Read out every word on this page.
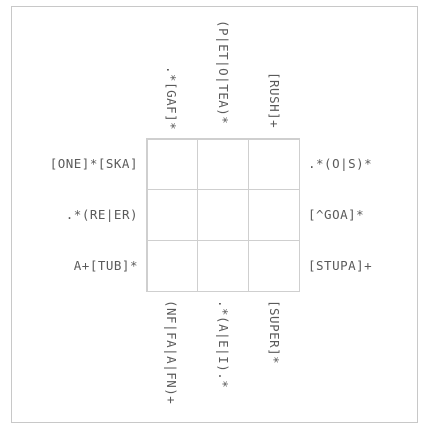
.*[GAF]*	(P|ET|O|TEA)*	[RUSH]+
[ONE]*[SKA]
.*(RE|ER)
A+[TUB]*
.*(O|S)*
[^GOA]*
[STUPA]+
(NF|FA|A|FN)+	.*(A|E|I).*	[SUPER]*
